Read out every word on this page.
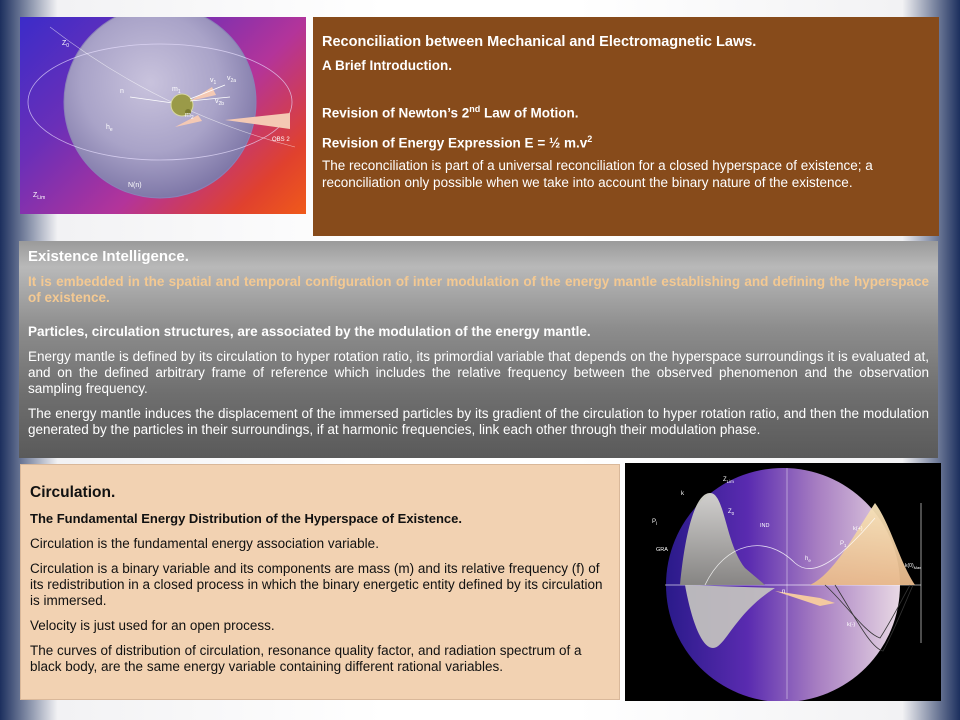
$Z_0$
n	$m_1$
$m_2$
$v_1$
$v_{2a}$
$v_{2b}$
$h_e$
OBS 2
N(n)
$Z_{Lim}$
Reconciliation between Mechanical and Electromagnetic Laws.
A Brief Introduction.
Revision of Newton’s 2nd Law of Motion.
Revision of Energy Expression E = ½ $m.v^2$
The reconciliation is part of a universal reconciliation for a closed hyperspace of existence; a reconciliation only possible when we take into account the binary nature of the existence.
Existence Intelligence.
It is embedded in the spatial and temporal configuration of inter modulation of the energy mantle establishing and defining the hyperspace of existence.
Particles, circulation structures, are associated by the modulation of the energy mantle.
Energy mantle is defined by its circulation to hyper rotation ratio, its primordial variable that depends on the hyperspace surroundings it is evaluated at, and on the defined arbitrary frame of reference which includes the relative frequency between the observed phenomenon and the observation sampling frequency.
The energy mantle induces the displacement of the immersed particles by its gradient of the circulation to hyper rotation ratio, and then the modulation generated by the particles in their surroundings, if at harmonic frequencies, link each other through their modulation phase.
Circulation.
The Fundamental Energy Distribution of the Hyperspace of Existence.
Circulation is the fundamental energy association variable.
Circulation is a binary variable and its components are mass (m) and its relative frequency (f) of its redistribution in a closed process in which the binary energetic entity defined by its circulation is immersed.
Velocity is just used for an open process.
The curves of distribution of circulation, resonance quality factor, and radiation spectrum of a black body, are the same energy variable containing different rational variables.
$Z_{Lim}$
k
$Z_0$
$P_l$
GRA
IND
$h_e$
k(+)
$P_1$
n
k(-)
$k(0)_{Max}$
